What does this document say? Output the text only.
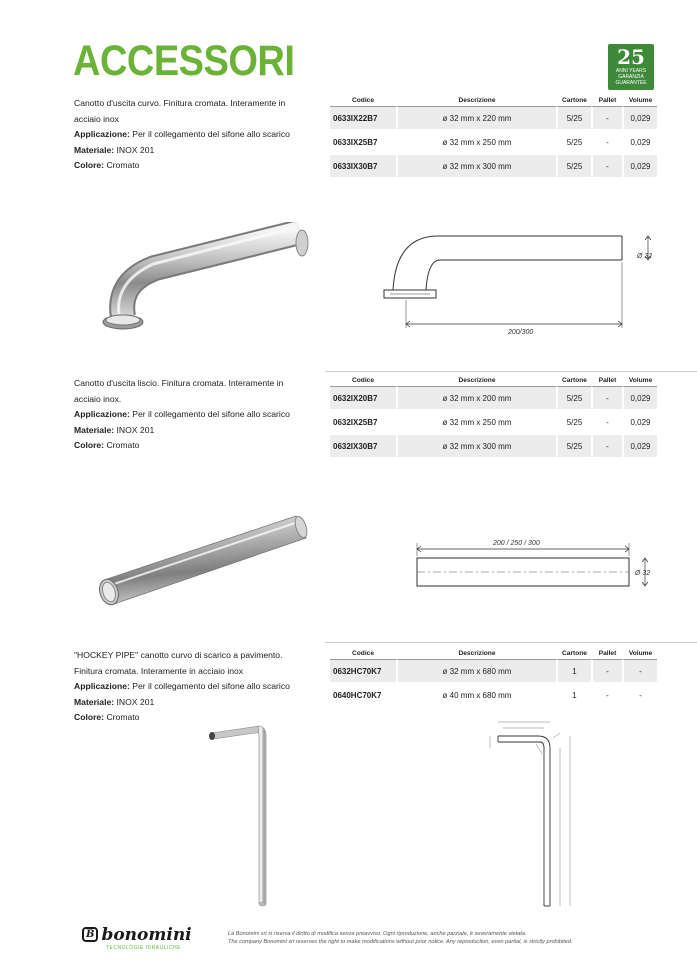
ACCESSORI	25
ANNI YEARS
GARANZIA
GUARANTEE
Canotto d'uscita curvo. Finitura cromata. Interamente in
acciaio inox
Applicazione: Per il collegamento del sifone allo scarico
Materiale: INOX 201
Colore: Cromato
Codice	Descrizione	Cartone	Pallet	Volume
0633IX22B7	ø 32 mm x 220 mm	5/25	-	0,029
0633IX25B7	ø 32 mm x 250 mm	5/25	-	0,029
0633IX30B7	ø 32 mm x 300 mm	5/25	-	0,029
200/300
Ø 32
Canotto d'uscita liscio. Finitura cromata. Interamente in
acciaio inox.
Applicazione: Per il collegamento del sifone allo scarico
Materiale: INOX 201
Colore: Cromato
Codice	Descrizione	Cartone	Pallet	Volume
0632IX20B7	ø 32 mm x 200 mm	5/25	-	0,029
0632IX25B7	ø 32 mm x 250 mm	5/25	-	0,029
0632IX30B7	ø 32 mm x 300 mm	5/25	-	0,029
200 / 250 / 300
Ø 32
"HOCKEY PIPE" canotto curvo di scarico a pavimento.
Finitura cromata. Interamente in acciaio inox
Applicazione: Per il collegamento del sifone allo scarico
Materiale: INOX 201
Colore: Cromato
Codice	Descrizione	Cartone	Pallet	Volume
0632HC70K7	ø 32 mm x 680 mm	1	-	-
0640HC70K7	ø 40 mm x 680 mm	1	-	-
B bonomini
TECNOLOGIE IDRAULICHE
La Bonomini srl si riserva il diritto di modifica senza preavviso. Ogni riproduzione, anche parziale, è severamente vietata.
The company Bonomini srl reserves the right to make modifications without prior notice. Any reproduction, even partial, is strictly prohibited.
